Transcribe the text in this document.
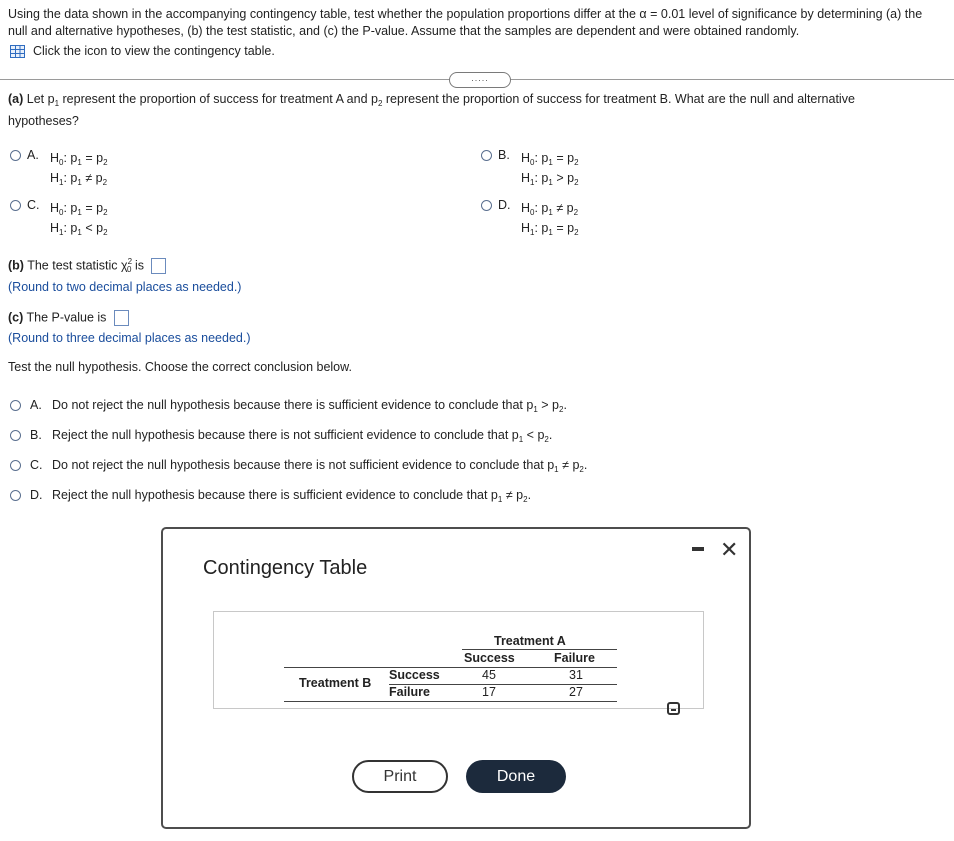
Using the data shown in the accompanying contingency table, test whether the population proportions differ at the α = 0.01 level of significance by determining (a) the null and alternative hypotheses, (b) the test statistic, and (c) the P-value. Assume that the samples are dependent and were obtained randomly.
Click the icon to view the contingency table.
.....
(a) Let $p_1$ represent the proportion of success for treatment A and $p_2$ represent the proportion of success for treatment B. What are the null and alternative hypotheses?
A. $H_0$: $p_1 = p_2$
$H_1$: $p_1 \ne p_2$
B. $H_0$: $p_1 = p_2$
$H_1$: $p_1 > p_2$
C. $H_0$: $p_1 = p_2$
$H_1$: $p_1 < p_2$
D. $H_0$: $p_1 \ne p_2$
$H_1$: $p_1 = p_2$
(b) The test statistic $\chi^2_0$ is
(Round to two decimal places as needed.)
(c) The P-value is
(Round to three decimal places as needed.)
Test the null hypothesis. Choose the correct conclusion below.
A. Do not reject the null hypothesis because there is sufficient evidence to conclude that $p_1 > p_2$.
B. Reject the null hypothesis because there is not sufficient evidence to conclude that $p_1 < p_2$.
C. Do not reject the null hypothesis because there is not sufficient evidence to conclude that $p_1 \ne p_2$.
D. Reject the null hypothesis because there is sufficient evidence to conclude that $p_1 \ne p_2$.
Contingency Table
✕
Treatment A
Success	Failure
Treatment B
Success	45	31
Failure	17	27
Print	Done
